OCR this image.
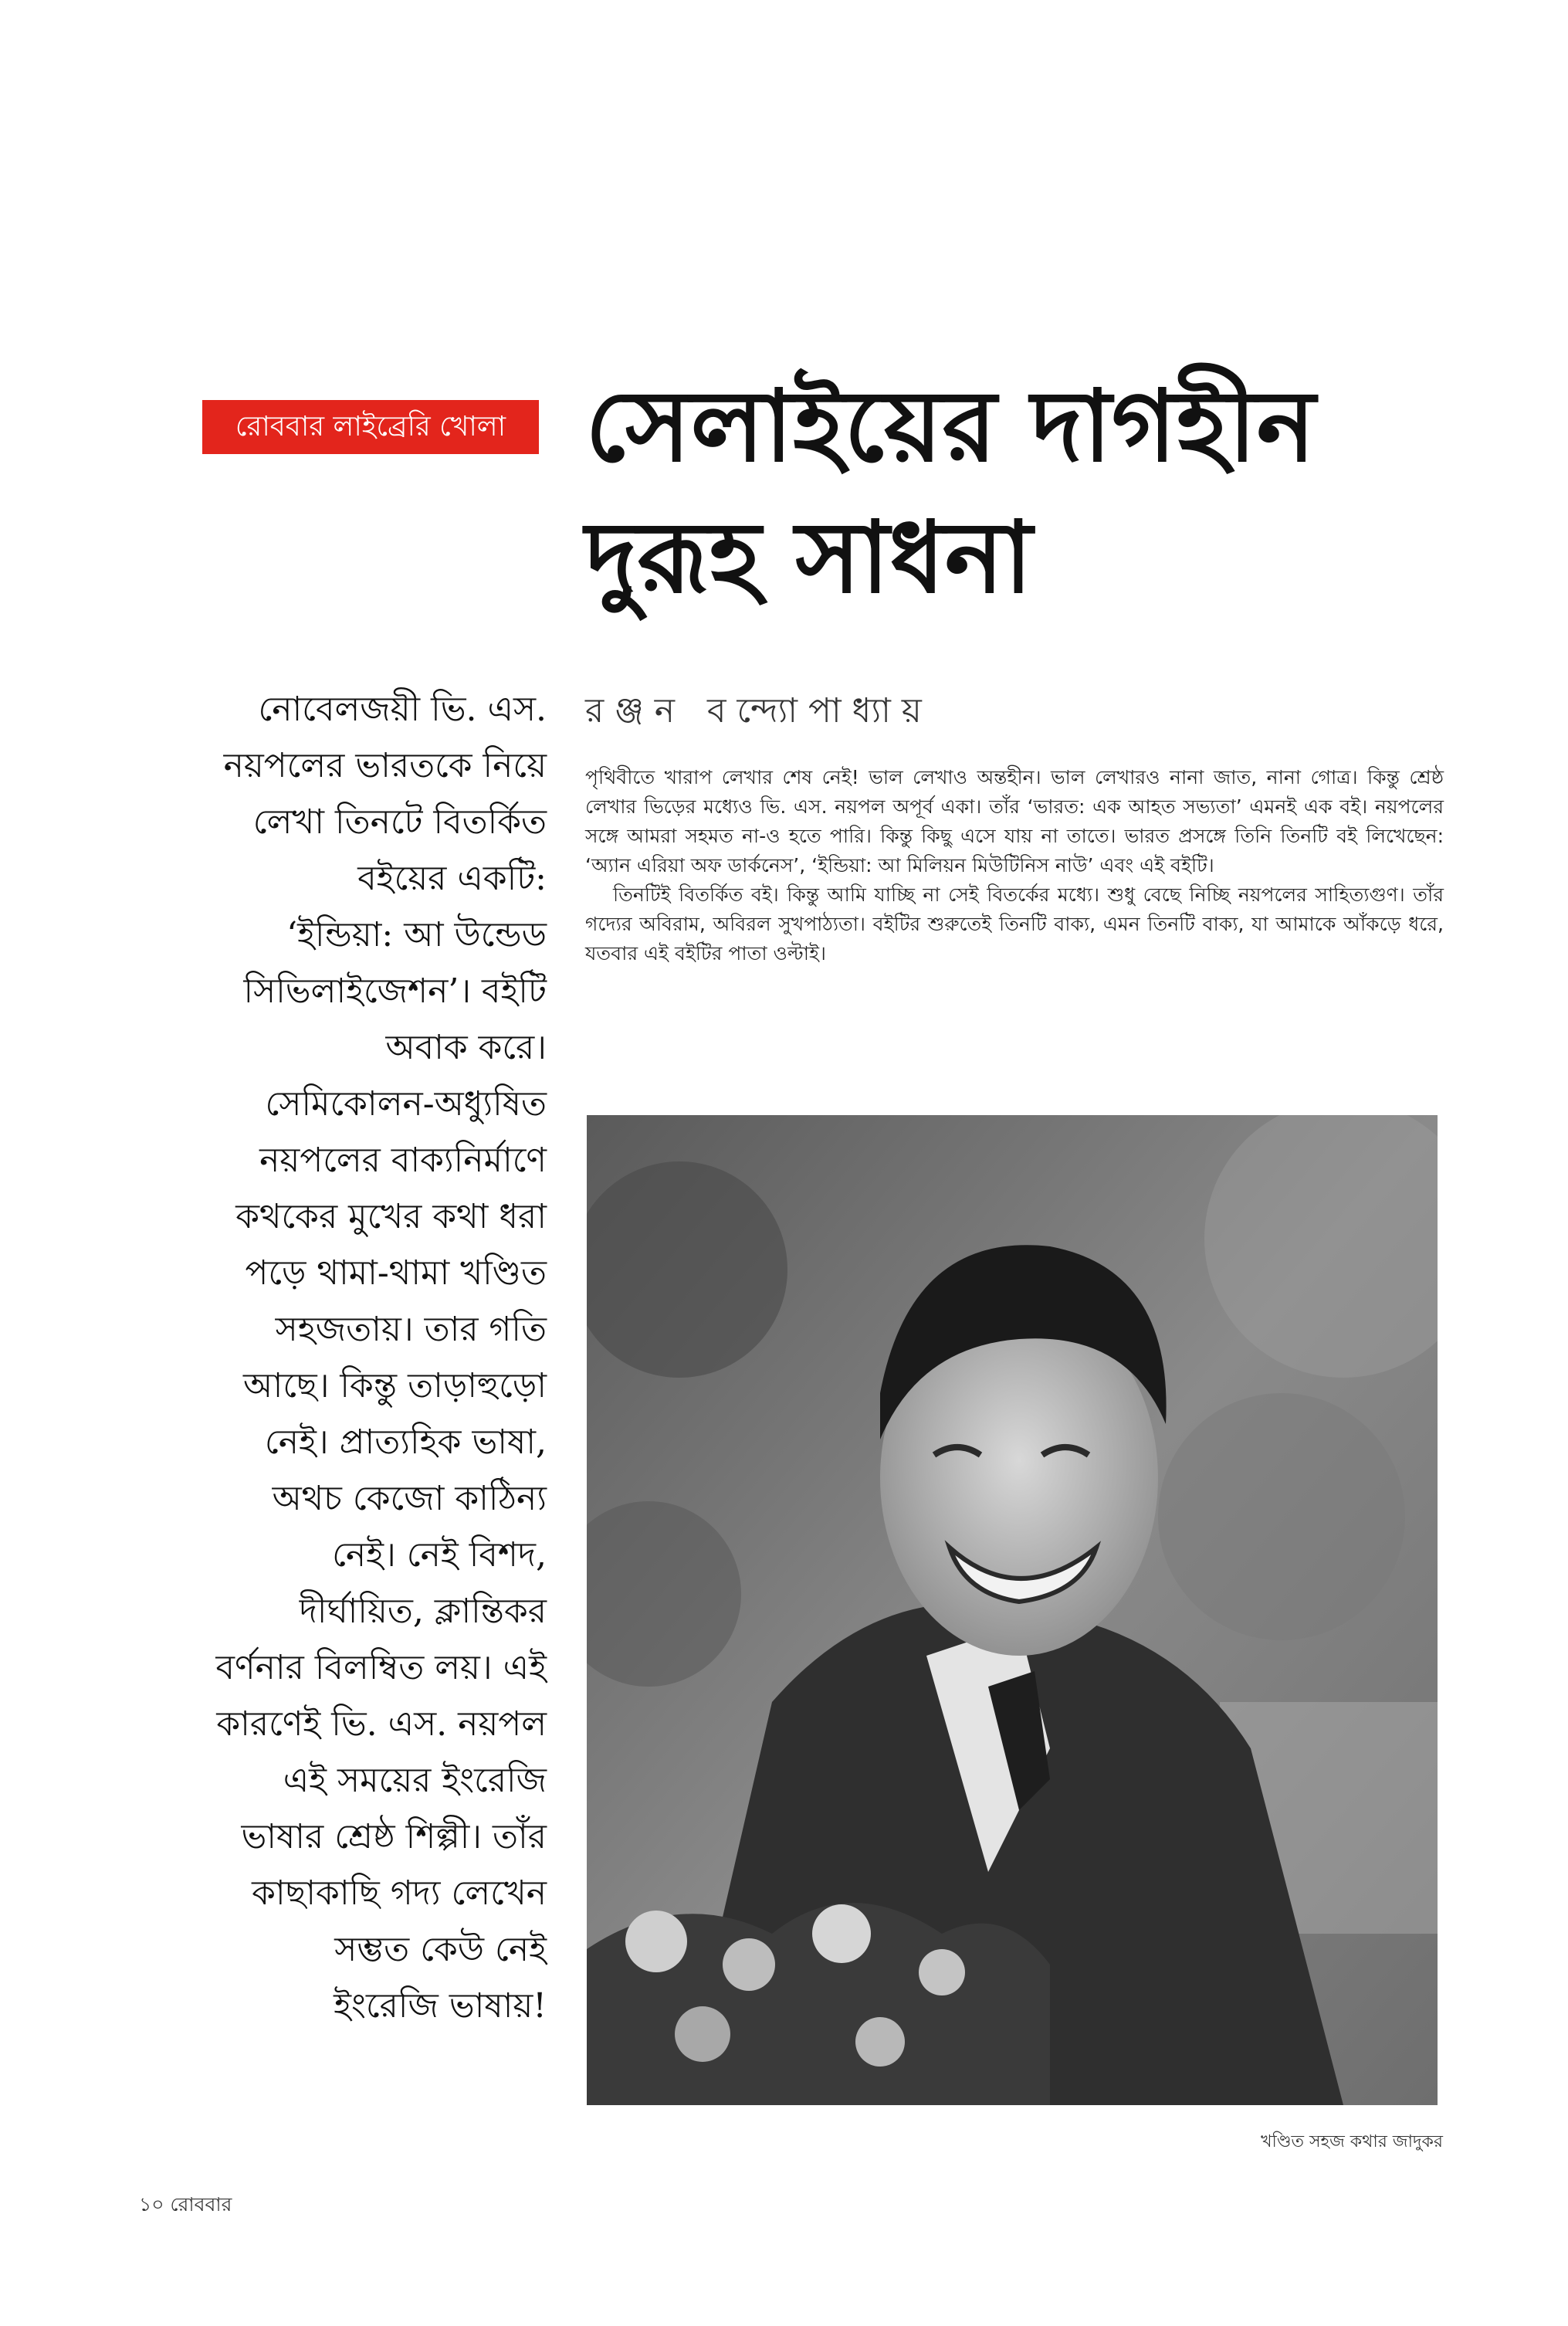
রোববার লাইব্রেরি খোলা সেলাইয়ের দাগহীন
দুরূহ সাধনা
রঞ্জন বন্দ্যোপাধ্যায়
নোবেলজয়ী ভি. এস.
নয়পলের ভারতকে নিয়ে
লেখা তিনটে বিতর্কিত
বইয়ের একটি:
‘ইন্ডিয়া: আ উন্ডেড
সিভিলাইজেশন’। বইটি
অবাক করে।
সেমিকোলন-অধ্যুষিত
নয়পলের বাক্যনির্মাণে
কথকের মুখের কথা ধরা
পড়ে থামা-থামা খণ্ডিত
সহজতায়। তার গতি
আছে। কিন্তু তাড়াহুড়ো
নেই। প্রাত্যহিক ভাষা,
অথচ কেজো কাঠিন্য
নেই। নেই বিশদ,
দীর্ঘায়িত, ক্লান্তিকর
বর্ণনার বিলম্বিত লয়। এই
কারণেই ভি. এস. নয়পল
এই সময়ের ইংরেজি
ভাষার শ্রেষ্ঠ শিল্পী। তাঁর
কাছাকাছি গদ্য লেখেন
সম্ভত কেউ নেই
ইংরেজি ভাষায়!

পৃথিবীতে খারাপ লেখার শেষ নেই! ভাল লেখাও অন্তহীন। ভাল লেখারও নানা জাত, নানা গোত্র। কিন্তু শ্রেষ্ঠ লেখার ভিড়ের মধ্যেও ভি. এস. নয়পল অপূর্ব একা। তাঁর ‘ভারত: এক আহত সভ্যতা’ এমনই এক বই। নয়পলের সঙ্গে আমরা সহমত না-ও হতে পারি। কিন্তু কিছু এসে যায় না তাতে। ভারত প্রসঙ্গে তিনি তিনটি বই লিখেছেন: ‘অ্যান এরিয়া অফ ডার্কনেস’, ‘ইন্ডিয়া: আ মিলিয়ন মিউটিনিস নাউ’ এবং এই বইটি।

তিনটিই বিতর্কিত বই। কিন্তু আমি যাচ্ছি না সেই বিতর্কের মধ্যে। শুধু বেছে নিচ্ছি নয়পলের সাহিত্যগুণ। তাঁর গদ্যের অবিরাম, অবিরল সুখপাঠ্যতা। বইটির শুরুতেই তিনটি বাক্য, এমন তিনটি বাক্য, যা আমাকে আঁকড়ে ধরে, যতবার এই বইটির পাতা ওল্টাই।

খণ্ডিত সহজ কথার জাদুকর
১০ রোববার
